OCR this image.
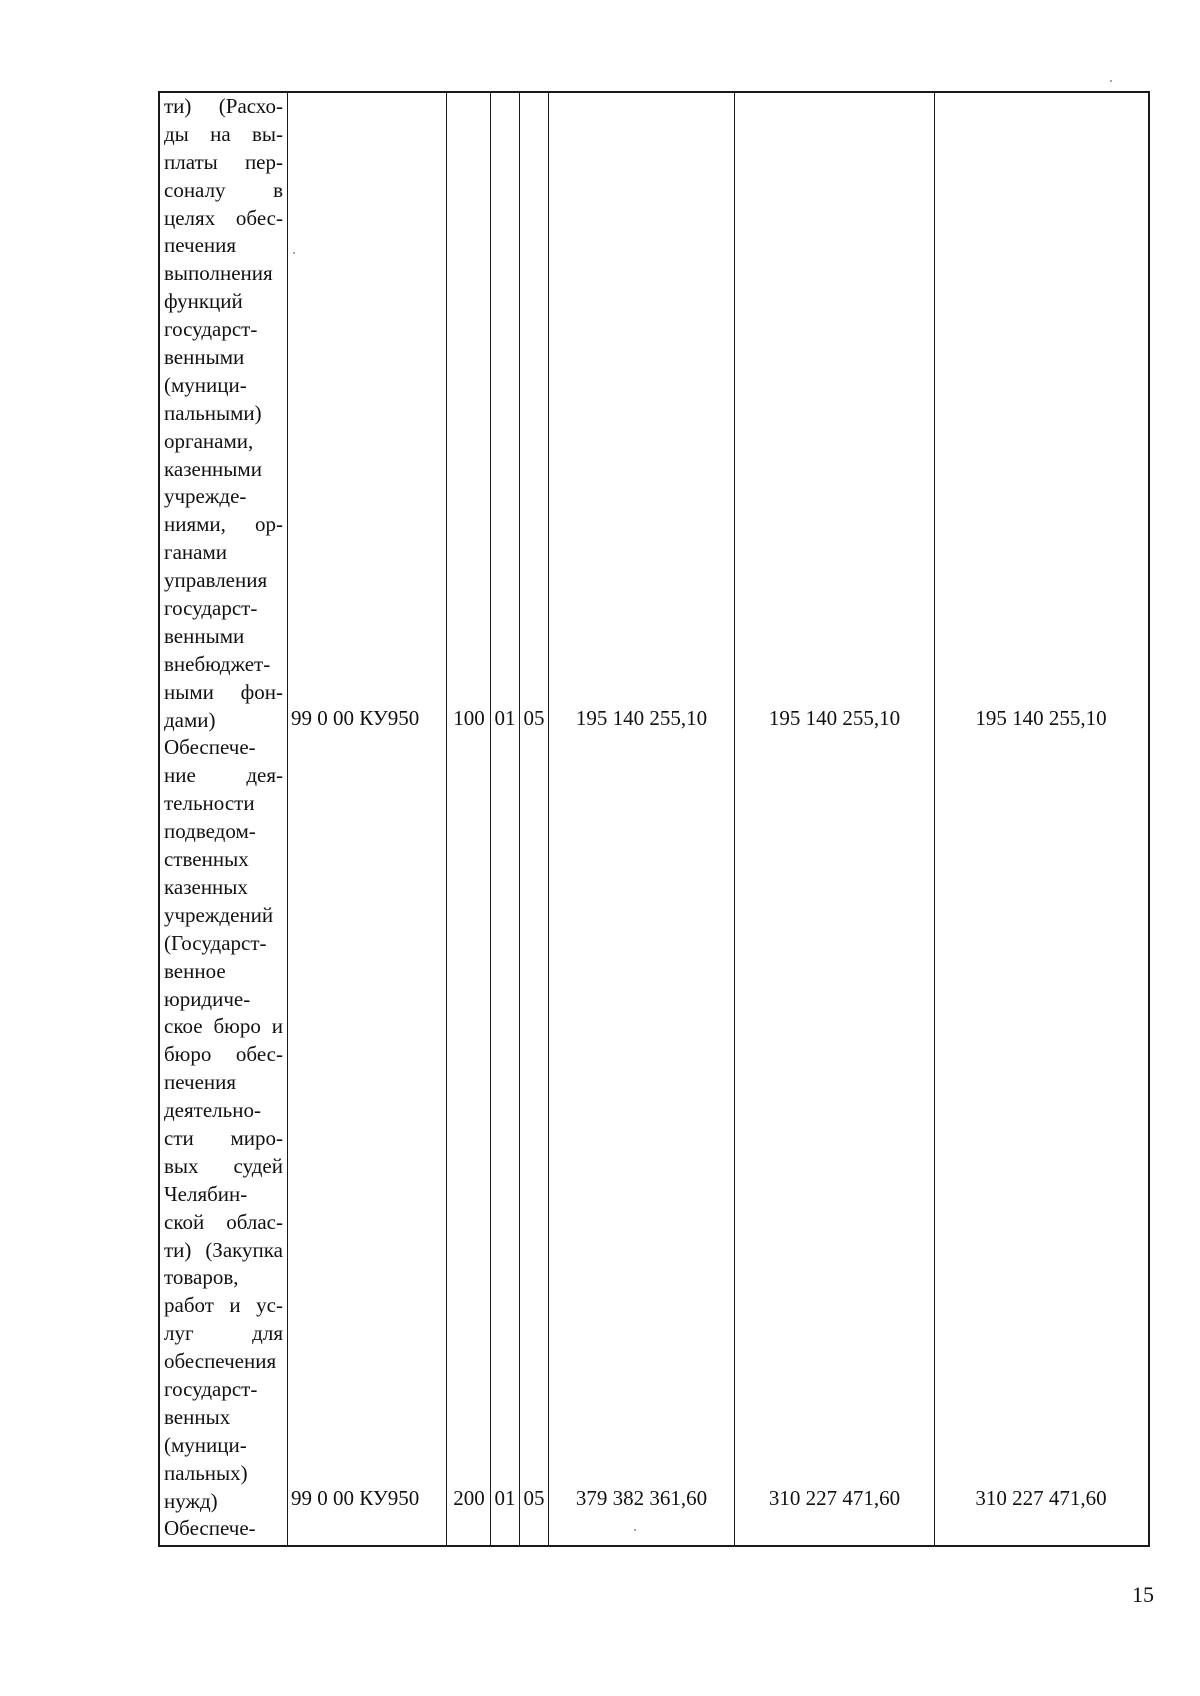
ти) (Расхо-
ды на вы-
платы пер-
соналу в
целях обес-
печения
выполнения
функций
государст-
венными
(муници-
пальными)
органами,
казенными
учрежде-
ниями, ор-
ганами
управления
государст-
венными
внебюджет-
ными фон-
дами)
Обеспече-
ние дея-
тельности
подведом-
ственных
казенных
учреждений
(Государст-
венное
юридиче-
ское бюро и
бюро обес-
печения
деятельно-
сти миро-
вых судей
Челябин-
ской облас-
ти) (Закупка
товаров,
работ и ус-
луг для
обеспечения
государст-
венных
(муници-
пальных)
нужд)
Обеспече-
99 0 00 КУ950 100 01 05	195 140 255,10	195 140 255,10	195 140 255,10
99 0 00 КУ950 200 01 05	379 382 361,60	310 227 471,60	310 227 471,60
15
